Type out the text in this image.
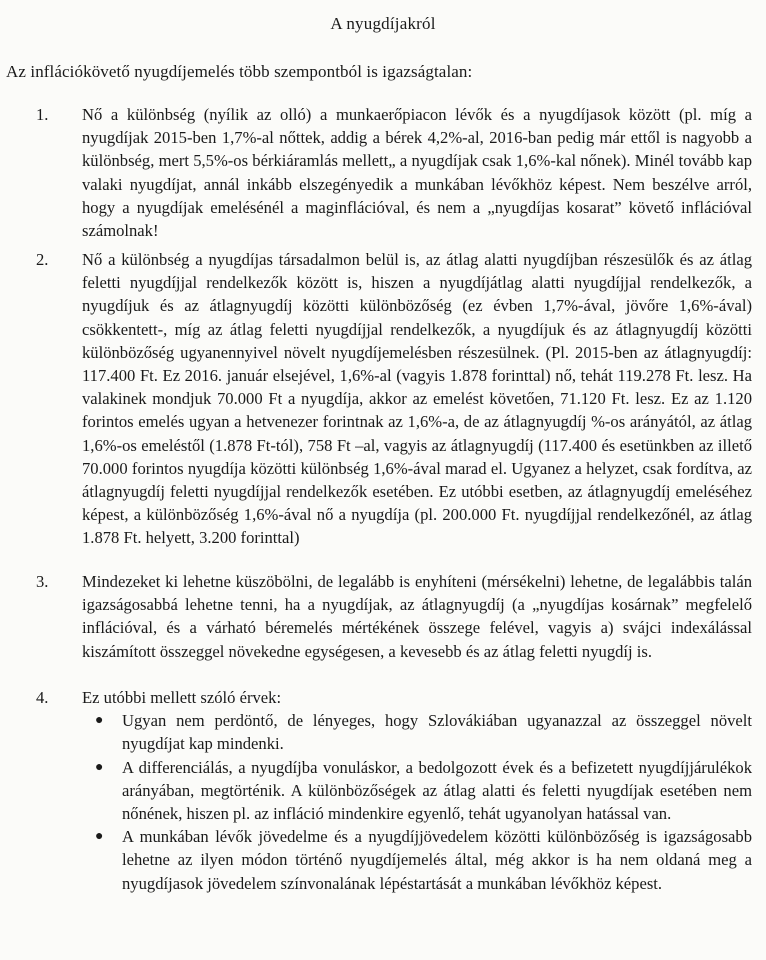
A nyugdíjakról
Az inflációkövető nyugdíjemelés több szempontból is igazságtalan:
1. Nő a különbség (nyílik az olló) a munkaerőpiacon lévők és a nyugdíjasok között (pl. míg a nyugdíjak 2015-ben 1,7%-al nőttek, addig a bérek 4,2%-al, 2016-ban pedig már ettől is nagyobb a különbség, mert 5,5%-os bérkiáramlás mellett„ a nyugdíjak csak 1,6%-kal nőnek). Minél tovább kap valaki nyugdíjat, annál inkább elszegényedik a munkában lévőkhöz képest. Nem beszélve arról, hogy a nyugdíjak emelésénél a maginflációval, és nem a „nyugdíjas kosarat” követő inflációval számolnak!
2. Nő a különbség a nyugdíjas társadalmon belül is, az átlag alatti nyugdíjban részesülők és az átlag feletti nyugdíjjal rendelkezők között is, hiszen a nyugdíjátlag alatti nyugdíjjal rendelkezők, a nyugdíjuk és az átlagnyugdíj közötti különbözőség (ez évben 1,7%-ával, jövőre 1,6%-ával) csökkentett-, míg az átlag feletti nyugdíjjal rendelkezők, a nyugdíjuk és az átlagnyugdíj közötti különbözőség ugyanennyivel növelt nyugdíjemelésben részesülnek. (Pl. 2015-ben az átlagnyugdíj: 117.400 Ft. Ez 2016. január elsejével, 1,6%-al (vagyis 1.878 forinttal) nő, tehát 119.278 Ft. lesz. Ha valakinek mondjuk 70.000 Ft a nyugdíja, akkor az emelést követően, 71.120 Ft. lesz. Ez az 1.120 forintos emelés ugyan a hetvenezer forintnak az 1,6%-a, de az átlagnyugdíj %-os arányától, az átlag 1,6%-os emeléstől (1.878 Ft-tól), 758 Ft –al, vagyis az átlagnyugdíj (117.400 és esetünkben az illető 70.000 forintos nyugdíja közötti különbség 1,6%-ával marad el. Ugyanez a helyzet, csak fordítva, az átlagnyugdíj feletti nyugdíjjal rendelkezők esetében. Ez utóbbi esetben, az átlagnyugdíj emeléséhez képest, a különbözőség 1,6%-ával nő a nyugdíja (pl. 200.000 Ft. nyugdíjjal rendelkezőnél, az átlag 1.878 Ft. helyett, 3.200 forinttal)
3. Mindezeket ki lehetne küszöbölni, de legalább is enyhíteni (mérsékelni) lehetne, de legalábbis talán igazságosabbá lehetne tenni, ha a nyugdíjak, az átlagnyugdíj (a „nyugdíjas kosárnak” megfelelő inflációval, és a várható béremelés mértékének összege felével, vagyis a) svájci indexálással kiszámított összeggel növekedne egységesen, a kevesebb és az átlag feletti nyugdíj is.
4. Ez utóbbi mellett szóló érvek:
● Ugyan nem perdöntő, de lényeges, hogy Szlovákiában ugyanazzal az összeggel növelt nyugdíjat kap mindenki.
● A differenciálás, a nyugdíjba vonuláskor, a bedolgozott évek és a befizetett nyugdíjjárulékok arányában, megtörténik. A különbözőségek az átlag alatti és feletti nyugdíjak esetében nem nőnének, hiszen pl. az infláció mindenkire egyenlő, tehát ugyanolyan hatással van.
● A munkában lévők jövedelme és a nyugdíjjövedelem közötti különbözőség is igazságosabb lehetne az ilyen módon történő nyugdíjemelés által, még akkor is ha nem oldaná meg a nyugdíjasok jövedelem színvonalának lépéstartását a munkában lévőkhöz képest.
